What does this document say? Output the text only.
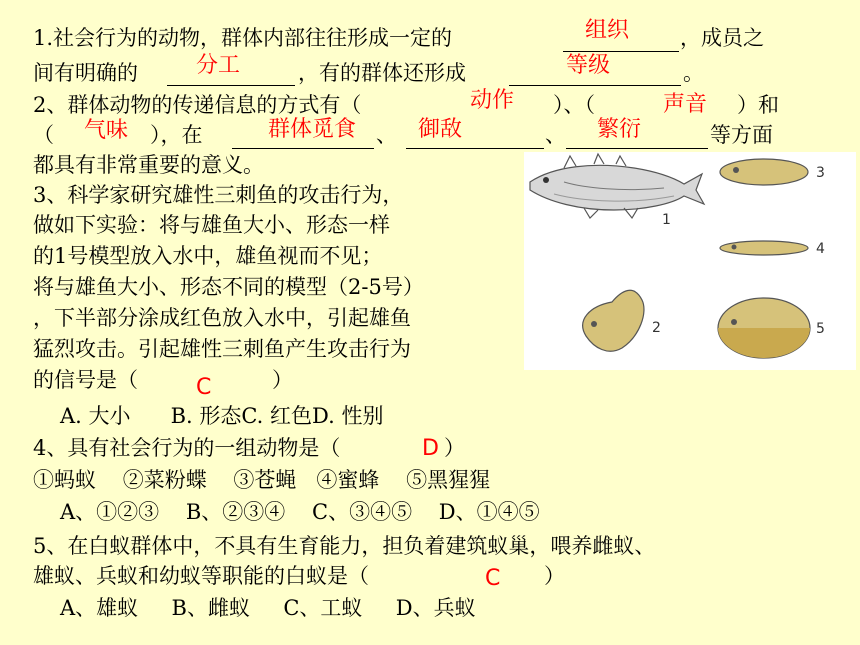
1.社会行为的动物，群体内部往往形成一定的	组织 ，成员之
间有明确的	分工	，有的群体还形成	等级	。
2、群体动物的传递信息的方式有（	动作 ）、（	声音 ）和
（ 气味 ），在	群体觅食 、 御敌	、 繁衍	等方面
都具有非常重要的意义。
3、科学家研究雄性三刺鱼的攻击行为，
做如下实验：将与雄鱼大小、形态一样
的1号模型放入水中，雄鱼视而不见；
将与雄鱼大小、形态不同的模型（2-5号）
，下半部分涂成红色放入水中，引起雄鱼
猛烈攻击。引起雄性三刺鱼产生攻击行为
的信号是（	C	）
A. 大小      B. 形态C. 红色D. 性别
1
3
4
2	5
4、具有社会行为的一组动物是（	D ）
①蚂蚁    ②菜粉蝶    ③苍蝇   ④蜜蜂    ⑤黑猩猩
A、①②③    B、②③④    C、③④⑤    D、①④⑤
5、在白蚁群体中，不具有生育能力，担负着建筑蚁巢，喂养雌蚁、
雄蚁、兵蚁和幼蚁等职能的白蚁是（	C ）
A、雄蚁     B、雌蚁     C、工蚁     D、兵蚁
